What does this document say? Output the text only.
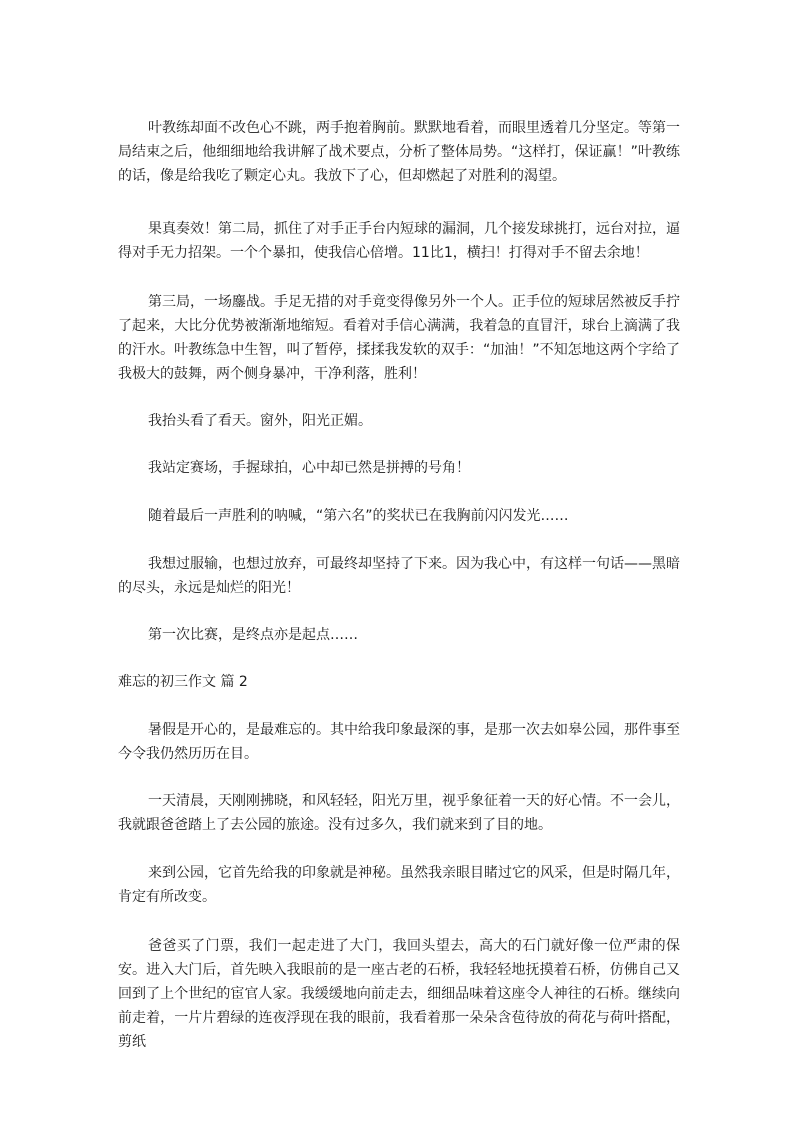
叶教练却面不改色心不跳，两手抱着胸前。默默地看着，而眼里透着几分坚定。等第一局结束之后，他细细地给我讲解了战术要点，分析了整体局势。“这样打，保证赢！”叶教练的话，像是给我吃了颗定心丸。我放下了心，但却燃起了对胜利的渴望。

果真奏效！第二局，抓住了对手正手台内短球的漏洞，几个接发球挑打，远台对拉，逼得对手无力招架。一个个暴扣，使我信心倍增。11比1，横扫！打得对手不留去余地！

第三局，一场鏖战。手足无措的对手竟变得像另外一个人。正手位的短球居然被反手拧了起来，大比分优势被渐渐地缩短。看着对手信心满满，我着急的直冒汗，球台上滴满了我的汗水。叶教练急中生智，叫了暂停，揉揉我发软的双手：“加油！”不知怎地这两个字给了我极大的鼓舞，两个侧身暴冲，干净利落，胜利！

我抬头看了看天。窗外，阳光正媚。

我站定赛场，手握球拍，心中却已然是拼搏的号角！

随着最后一声胜利的呐喊，“第六名”的奖状已在我胸前闪闪发光……

我想过服输，也想过放弃，可最终却坚持了下来。因为我心中，有这样一句话——黑暗的尽头，永远是灿烂的阳光！

第一次比赛，是终点亦是起点……

难忘的初三作文 篇 2

暑假是开心的，是最难忘的。其中给我印象最深的事，是那一次去如皋公园，那件事至今令我仍然历历在目。

一天清晨，天刚刚拂晓，和风轻轻，阳光万里，视乎象征着一天的好心情。不一会儿，我就跟爸爸踏上了去公园的旅途。没有过多久，我们就来到了目的地。

来到公园，它首先给我的印象就是神秘。虽然我亲眼目睹过它的风采，但是时隔几年，肯定有所改变。

爸爸买了门票，我们一起走进了大门，我回头望去，高大的石门就好像一位严肃的保安。进入大门后，首先映入我眼前的是一座古老的石桥，我轻轻地抚摸着石桥，仿佛自己又回到了上个世纪的宦官人家。我缓缓地向前走去，细细品味着这座令人神往的石桥。继续向前走着，一片片碧绿的连夜浮现在我的眼前，我看着那一朵朵含苞待放的荷花与荷叶搭配，剪纸
